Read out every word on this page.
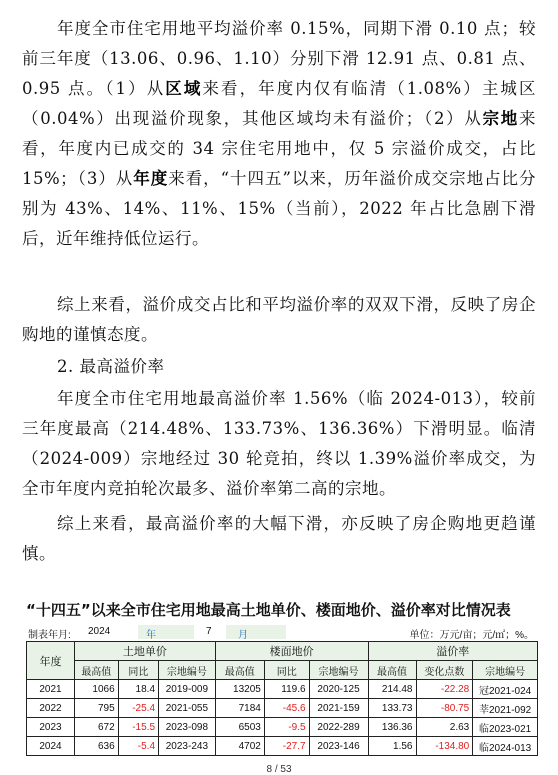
年度全市住宅用地平均溢价率 0.15%，同期下滑 0.10 点；较前三年度（13.06、0.96、1.10）分别下滑 12.91 点、0.81 点、0.95 点。（1）从区域来看，年度内仅有临清（1.08%）主城区（0.04%）出现溢价现象，其他区域均未有溢价；（2）从宗地来看，年度内已成交的 34 宗住宅用地中，仅 5 宗溢价成交，占比 15%；（3）从年度来看，“十四五”以来，历年溢价成交宗地占比分别为 43%、14%、11%、15%（当前），2022 年占比急剧下滑后，近年维持低位运行。

综上来看，溢价成交占比和平均溢价率的双双下滑，反映了房企购地的谨慎态度。

2. 最高溢价率

年度全市住宅用地最高溢价率 1.56%（临 2024-013），较前三年度最高（214.48%、133.73%、136.36%）下滑明显。临清（2024-009）宗地经过 30 轮竞拍，终以 1.39%溢价率成交，为全市年度内竞拍轮次最多、溢价率第二高的宗地。

综上来看，最高溢价率的大幅下滑，亦反映了房企购地更趋谨慎。

“十四五”以来全市住宅用地最高土地单价、楼面地价、溢价率对比情况表
制表年月: 2024	年	7	月	单位：万元/亩；元/㎡；%。
年度	土地单价			楼面地价			溢价率		
	最高值	同比	宗地编号	最高值	同比	宗地编号	最高值	变化点数	宗地编号
2021	1066	18.4	2019-009	13205	119.6	2020-125	214.48	-22.28	冠2021-024
2022	795	-25.4	2021-055	7184	-45.6	2021-159	133.73	-80.75	莘2021-092
2023	672	-15.5	2023-098	6503	-9.5	2022-289	136.36	2.63	临2023-021
2024	636	-5.4	2023-243	4702	-27.7	2023-146	1.56	-134.80	临2024-013
8 / 53
